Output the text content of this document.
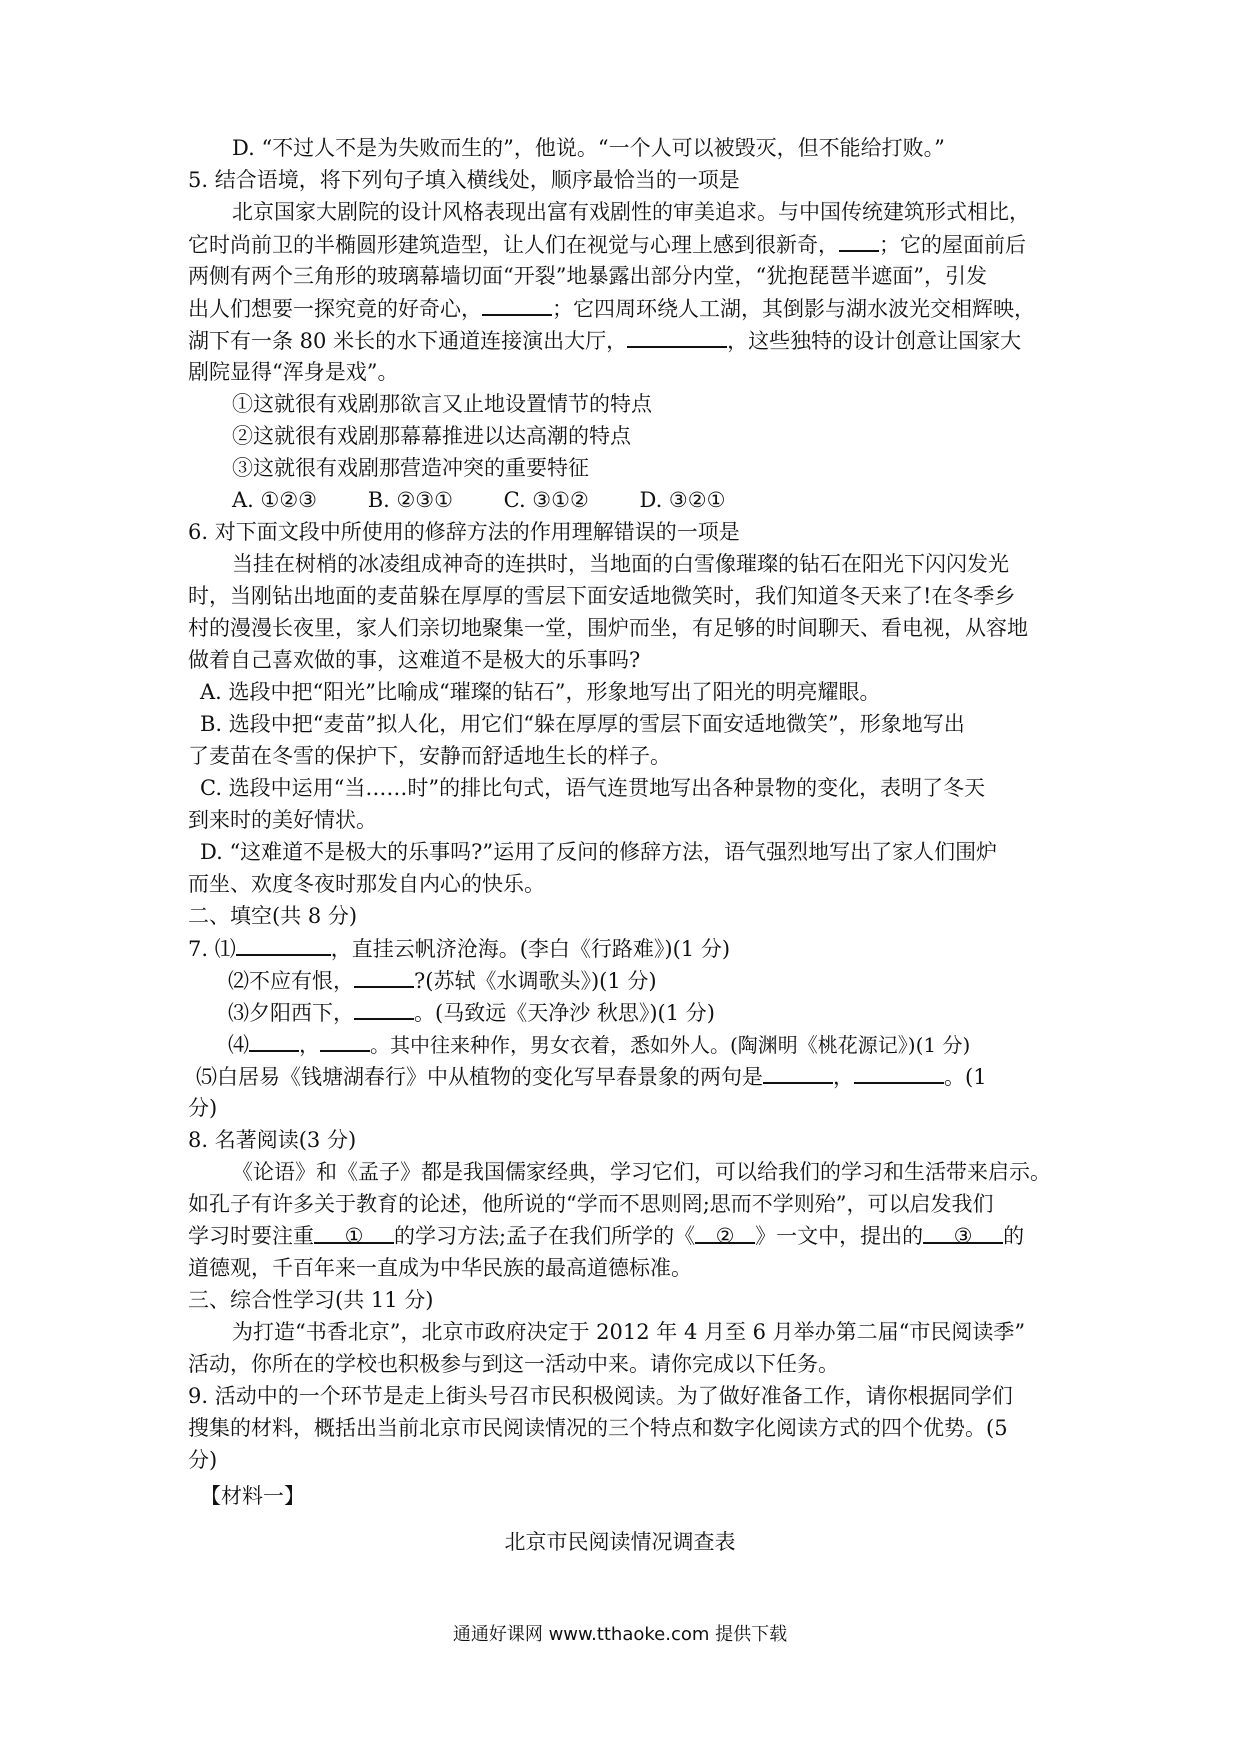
D. “不过人不是为失败而生的”，他说。“一个人可以被毁灭，但不能给打败。”
5. 结合语境，将下列句子填入横线处，顺序最恰当的一项是
北京国家大剧院的设计风格表现出富有戏剧性的审美追求。与中国传统建筑形式相比，
它时尚前卫的半椭圆形建筑造型，让人们在视觉与心理上感到很新奇， ；它的屋面前后
两侧有两个三角形的玻璃幕墙切面“开裂”地暴露出部分内堂，“犹抱琵琶半遮面”，引发
出人们想要一探究竟的好奇心，	；它四周环绕人工湖，其倒影与湖水波光交相辉映，
湖下有一条 80 米长的水下通道连接演出大厅，	，这些独特的设计创意让国家大
剧院显得“浑身是戏”。
①这就很有戏剧那欲言又止地设置情节的特点
②这就很有戏剧那幕幕推进以达高潮的特点
③这就很有戏剧那营造冲突的重要特征
A. ①②③ B. ②③① C. ③①② D. ③②①
6. 对下面文段中所使用的修辞方法的作用理解错误的一项是
当挂在树梢的冰凌组成神奇的连拱时，当地面的白雪像璀璨的钻石在阳光下闪闪发光
时，当刚钻出地面的麦苗躲在厚厚的雪层下面安适地微笑时，我们知道冬天来了!在冬季乡
村的漫漫长夜里，家人们亲切地聚集一堂，围炉而坐，有足够的时间聊天、看电视，从容地
做着自己喜欢做的事，这难道不是极大的乐事吗?
A. 选段中把“阳光”比喻成“璀璨的钻石”，形象地写出了阳光的明亮耀眼。
B. 选段中把“麦苗”拟人化，用它们“躲在厚厚的雪层下面安适地微笑”，形象地写出
了麦苗在冬雪的保护下，安静而舒适地生长的样子。
C. 选段中运用“当……时”的排比句式，语气连贯地写出各种景物的变化，表明了冬天
到来时的美好情状。
D. “这难道不是极大的乐事吗?”运用了反问的修辞方法，语气强烈地写出了家人们围炉
而坐、欢度冬夜时那发自内心的快乐。
二、填空(共 8 分)
7. ⑴	，直挂云帆济沧海。(李白《行路难》)(1 分)
⑵不应有恨，	?(苏轼《水调歌头》)(1 分)
⑶夕阳西下，	。(马致远《天净沙 秋思》)(1 分)
⑷ ，	。其中往来种作，男女衣着，悉如外人。(陶渊明《桃花源记》)(1 分)
⑸白居易《钱塘湖春行》中从植物的变化写早春景象的两句是	，	。(1
分)
8. 名著阅读(3 分)
《论语》和《孟子》都是我国儒家经典，学习它们，可以给我们的学习和生活带来启示。
如孔子有许多关于教育的论述，他所说的“学而不思则罔;思而不学则殆”，可以启发我们
学习时要注重 ① 的学习方法;孟子在我们所学的《 ② 》一文中，提出的 ③ 的
道德观，千百年来一直成为中华民族的最高道德标准。
三、综合性学习(共 11 分)
为打造“书香北京”，北京市政府决定于 2012 年 4 月至 6 月举办第二届“市民阅读季”
活动，你所在的学校也积极参与到这一活动中来。请你完成以下任务。
9. 活动中的一个环节是走上街头号召市民积极阅读。为了做好准备工作，请你根据同学们
搜集的材料，概括出当前北京市民阅读情况的三个特点和数字化阅读方式的四个优势。(5
分)
【材料一】
北京市民阅读情况调查表
通通好课网 www.tthaoke.com 提供下载
